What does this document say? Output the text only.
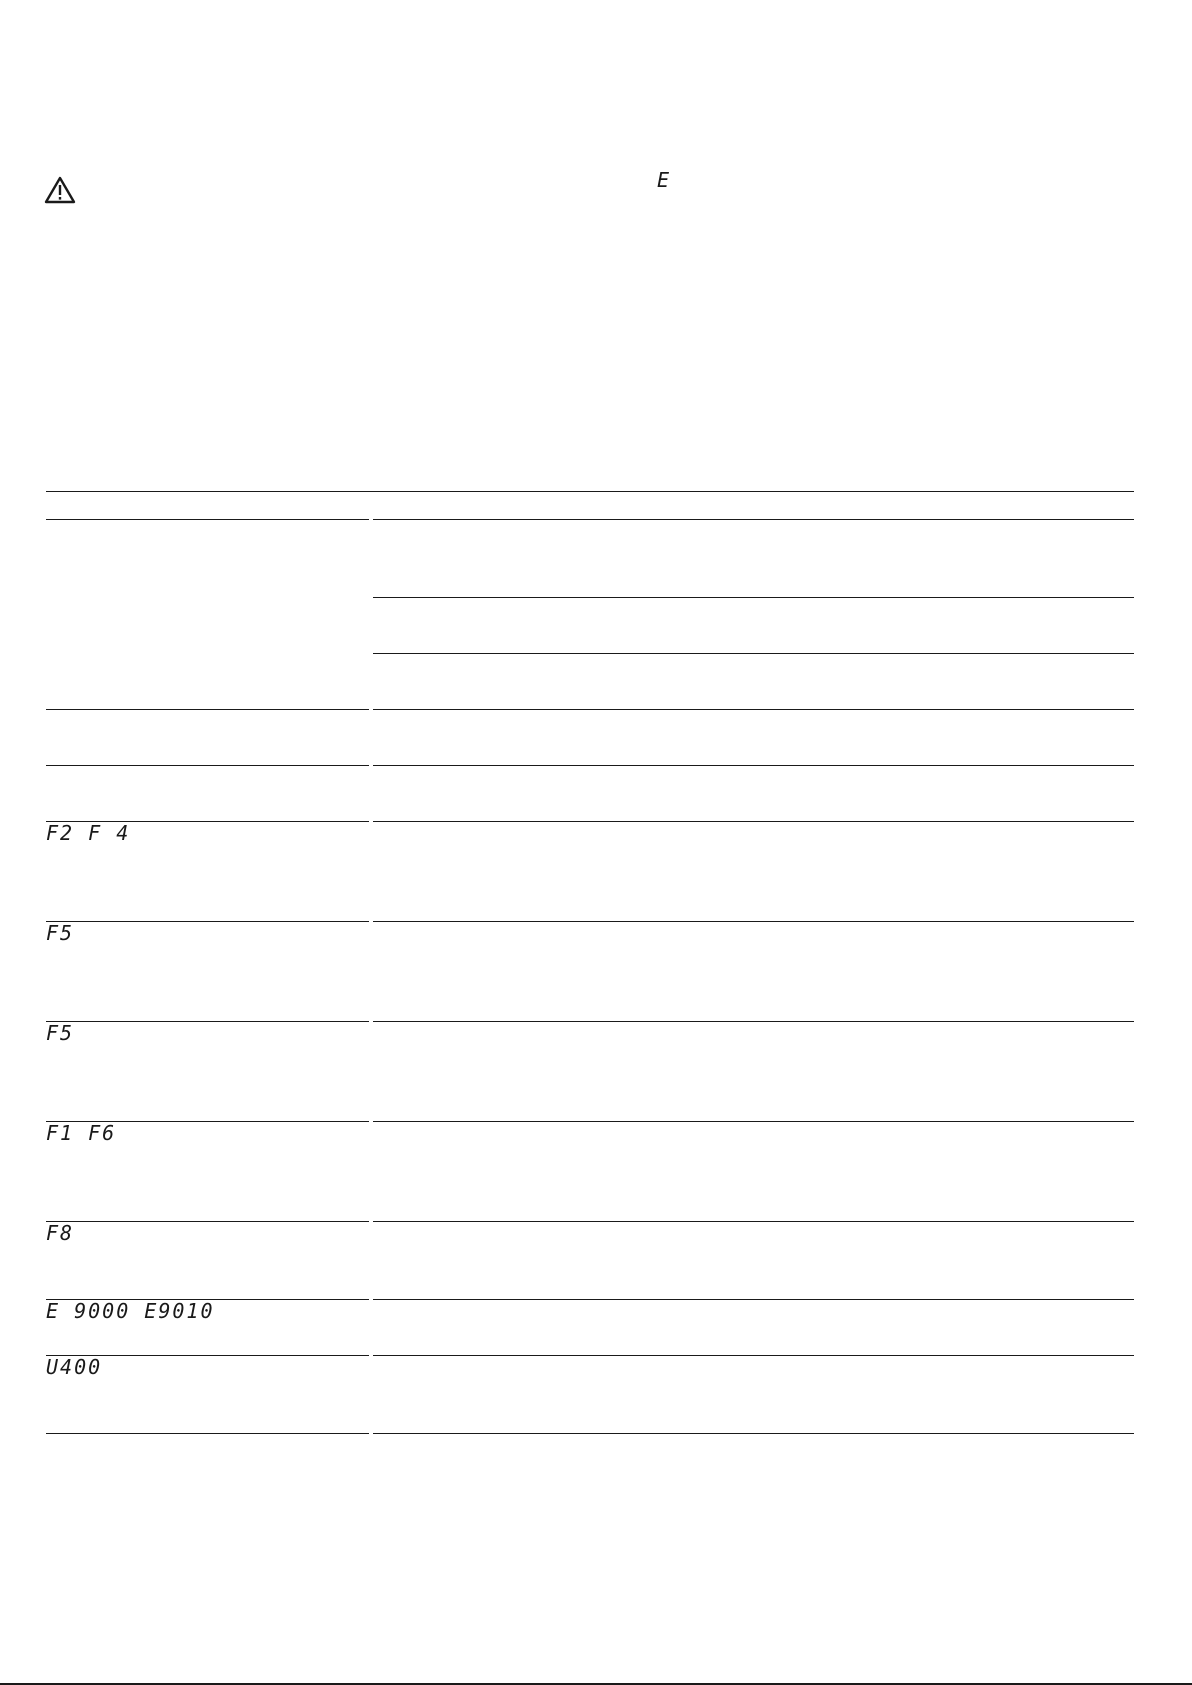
E
F2 F 4
F5
F5
F1 F6
F8
E 9000 E9010
U400
